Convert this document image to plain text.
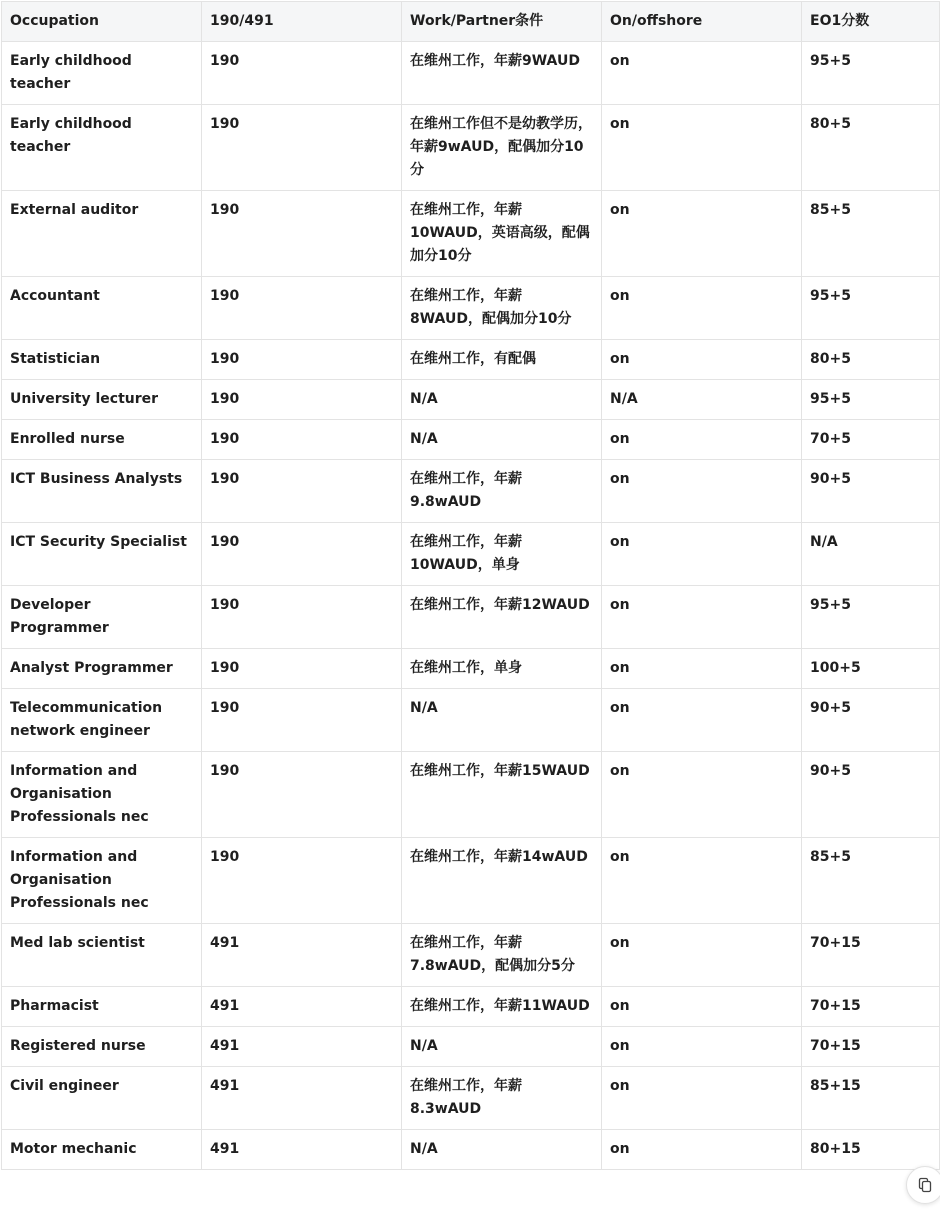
Occupation	190/491	Work/Partner条件	On/offshore	EO1分数
Early childhood teacher	190	在维州工作，年薪9WAUD	on	95+5
Early childhood teacher	190	在维州工作但不是幼教学历，年薪9wAUD，配偶加分10分	on	80+5
External auditor	190	在维州工作，年薪10WAUD，英语高级，配偶加分10分	on	85+5
Accountant	190	在维州工作，年薪8WAUD，配偶加分10分	on	95+5
Statistician	190	在维州工作，有配偶	on	80+5
University lecturer	190	N/A	N/A	95+5
Enrolled nurse	190	N/A	on	70+5
ICT Business Analysts	190	在维州工作，年薪9.8wAUD	on	90+5
ICT Security Specialist	190	在维州工作，年薪10WAUD，单身	on	N/A
Developer Programmer	190	在维州工作，年薪12WAUD	on	95+5
Analyst Programmer	190	在维州工作，单身	on	100+5
Telecommunication network engineer	190	N/A	on	90+5
Information and Organisation Professionals nec	190	在维州工作，年薪15WAUD	on	90+5
Information and Organisation Professionals nec	190	在维州工作，年薪14wAUD	on	85+5
Med lab scientist	491	在维州工作，年薪7.8wAUD，配偶加分5分	on	70+15
Pharmacist	491	在维州工作，年薪11WAUD	on	70+15
Registered nurse	491	N/A	on	70+15
Civil engineer	491	在维州工作，年薪8.3wAUD	on	85+15
Motor mechanic	491	N/A	on	80+15
